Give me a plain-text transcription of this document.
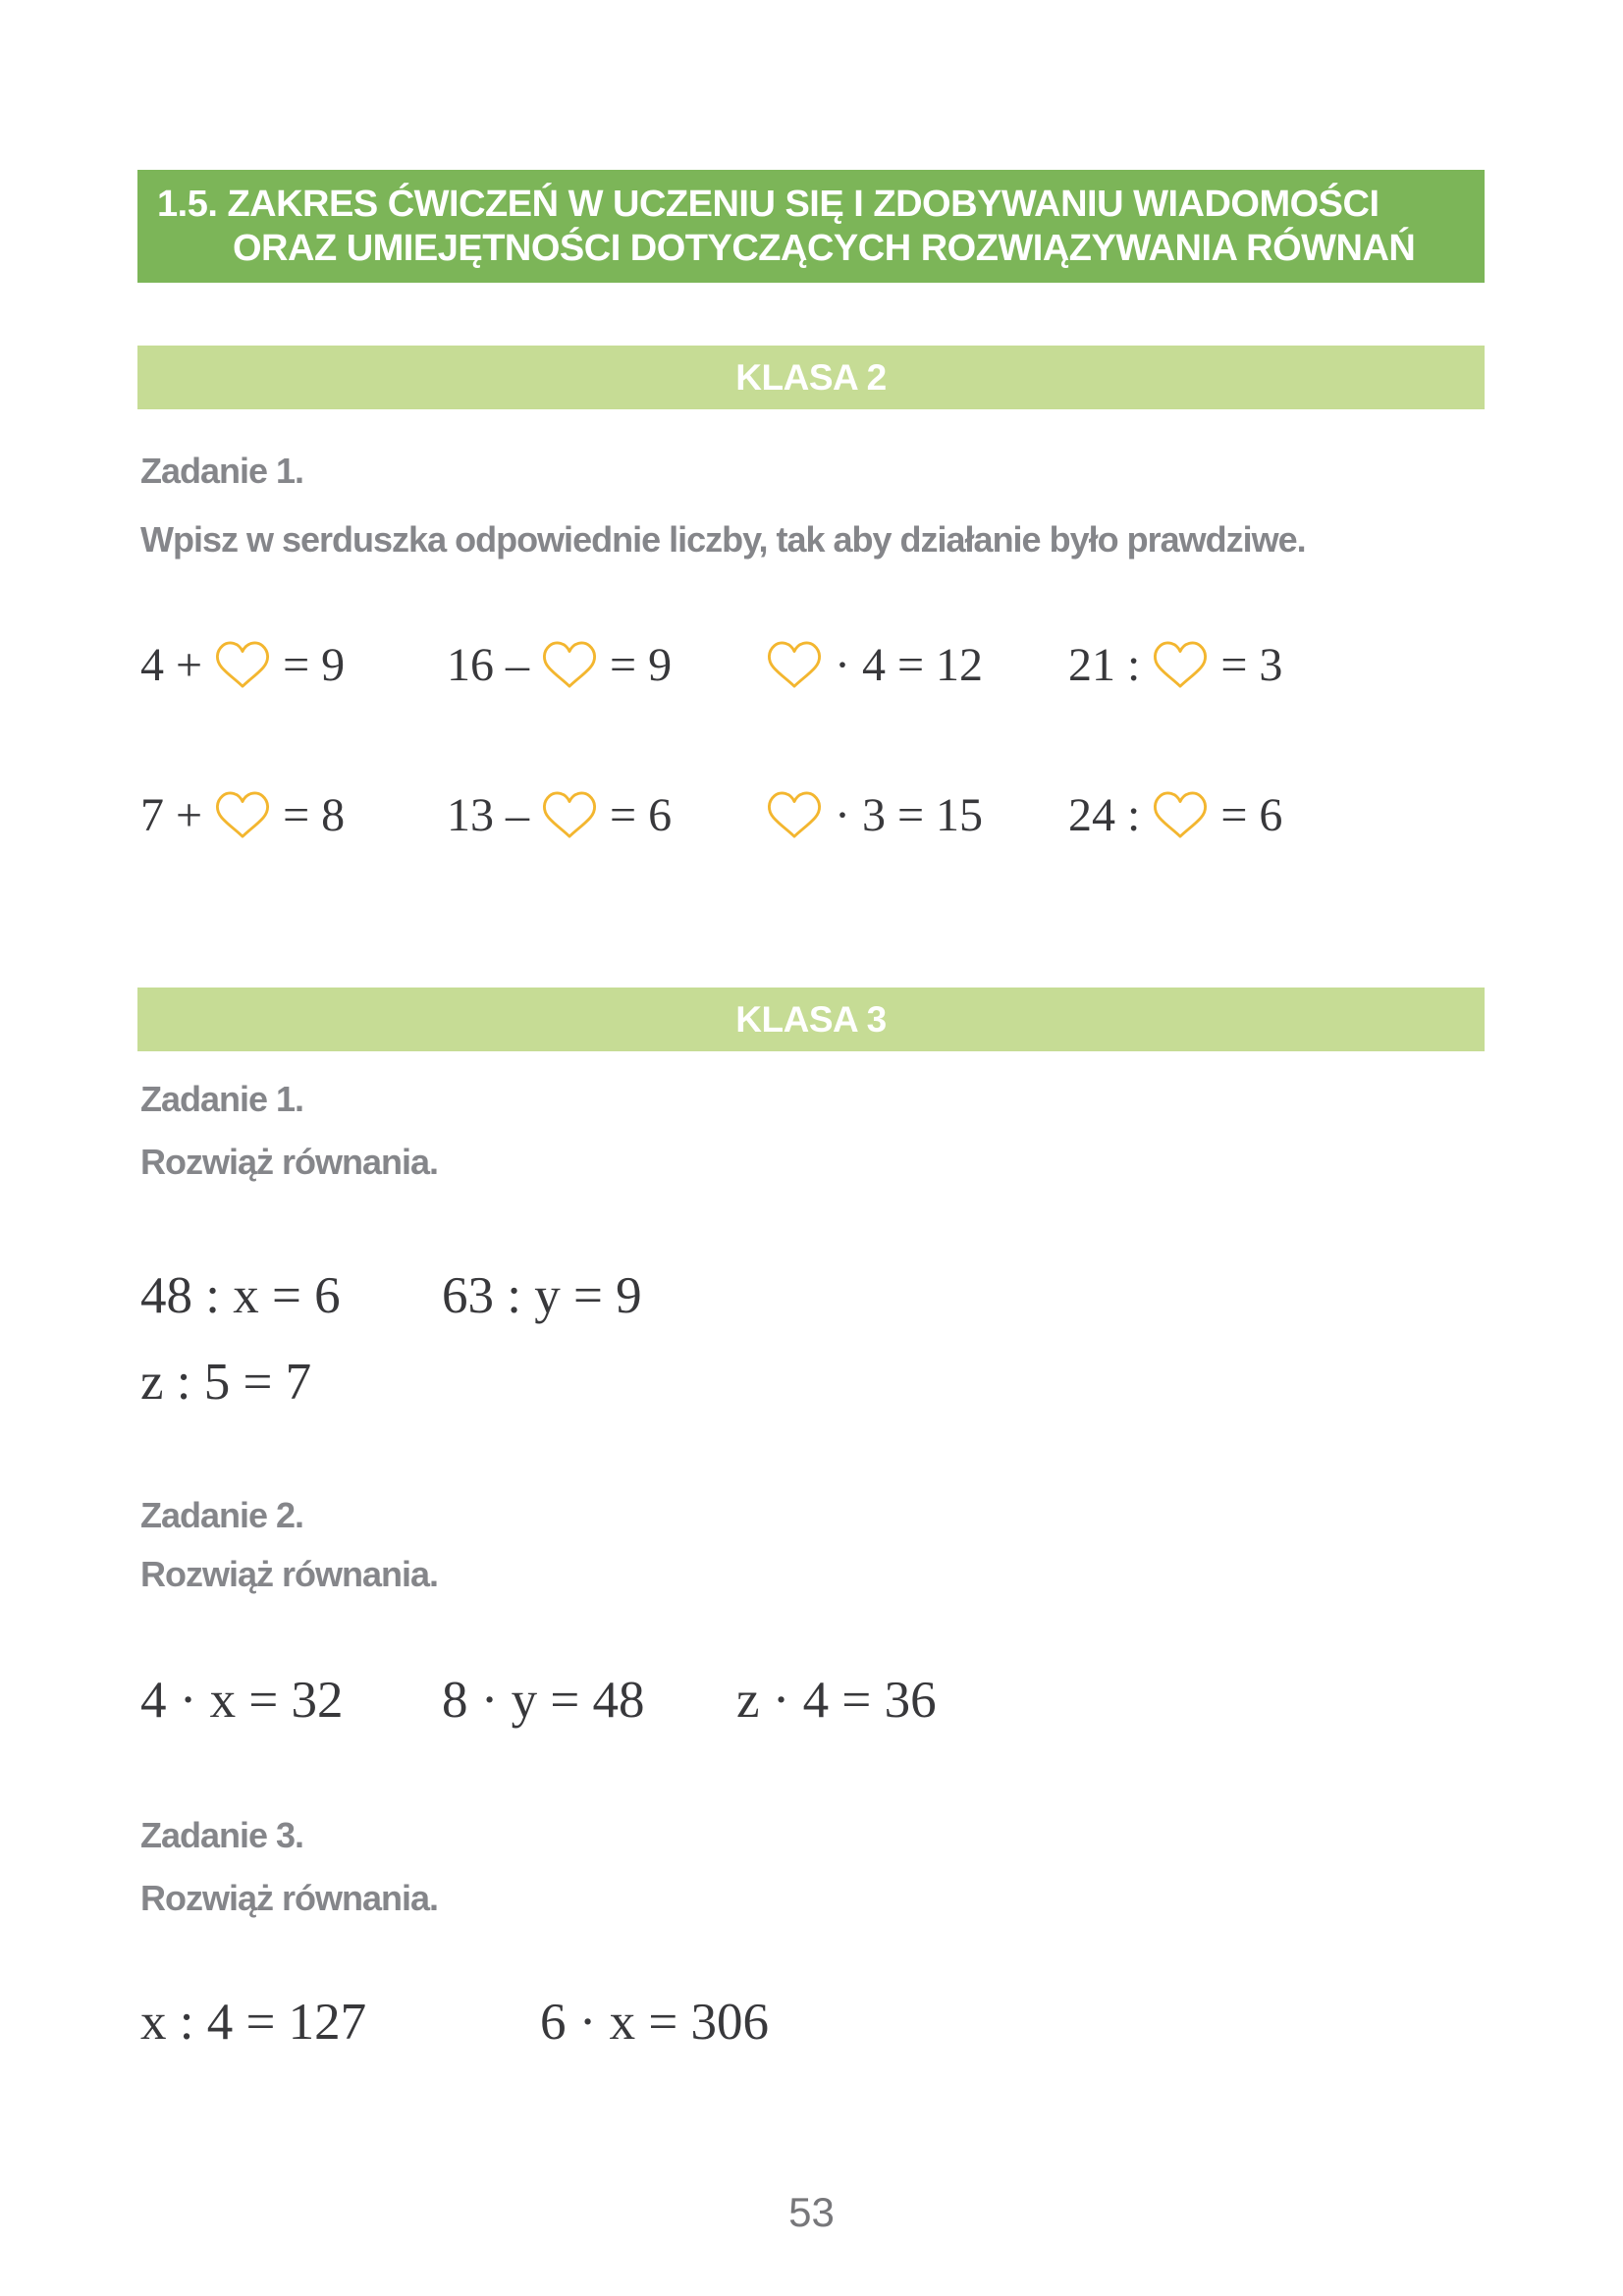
1.5. ZAKRES ĆWICZEŃ W UCZENIU SIĘ I ZDOBYWANIU WIADOMOŚCI
ORAZ UMIEJĘTNOŚCI DOTYCZĄCYCH ROZWIĄZYWANIA RÓWNAŃ
KLASA 2
Zadanie 1.
Wpisz w serduszka odpowiednie liczby, tak aby działanie było prawdziwe.
4 + = 9 16 – = 9	· 4 = 12 21 : = 3
7 + = 8 13 – = 6	· 3 = 15 24 : = 6
KLASA 3
Zadanie 1.
Rozwiąż równania.
48 : x = 6 63 : y = 9
z : 5 = 7
Zadanie 2.
Rozwiąż równania.
4 · x = 32 8 · y = 48 z · 4 = 36
Zadanie 3.
Rozwiąż równania.
x : 4 = 127	6 · x = 306
53
